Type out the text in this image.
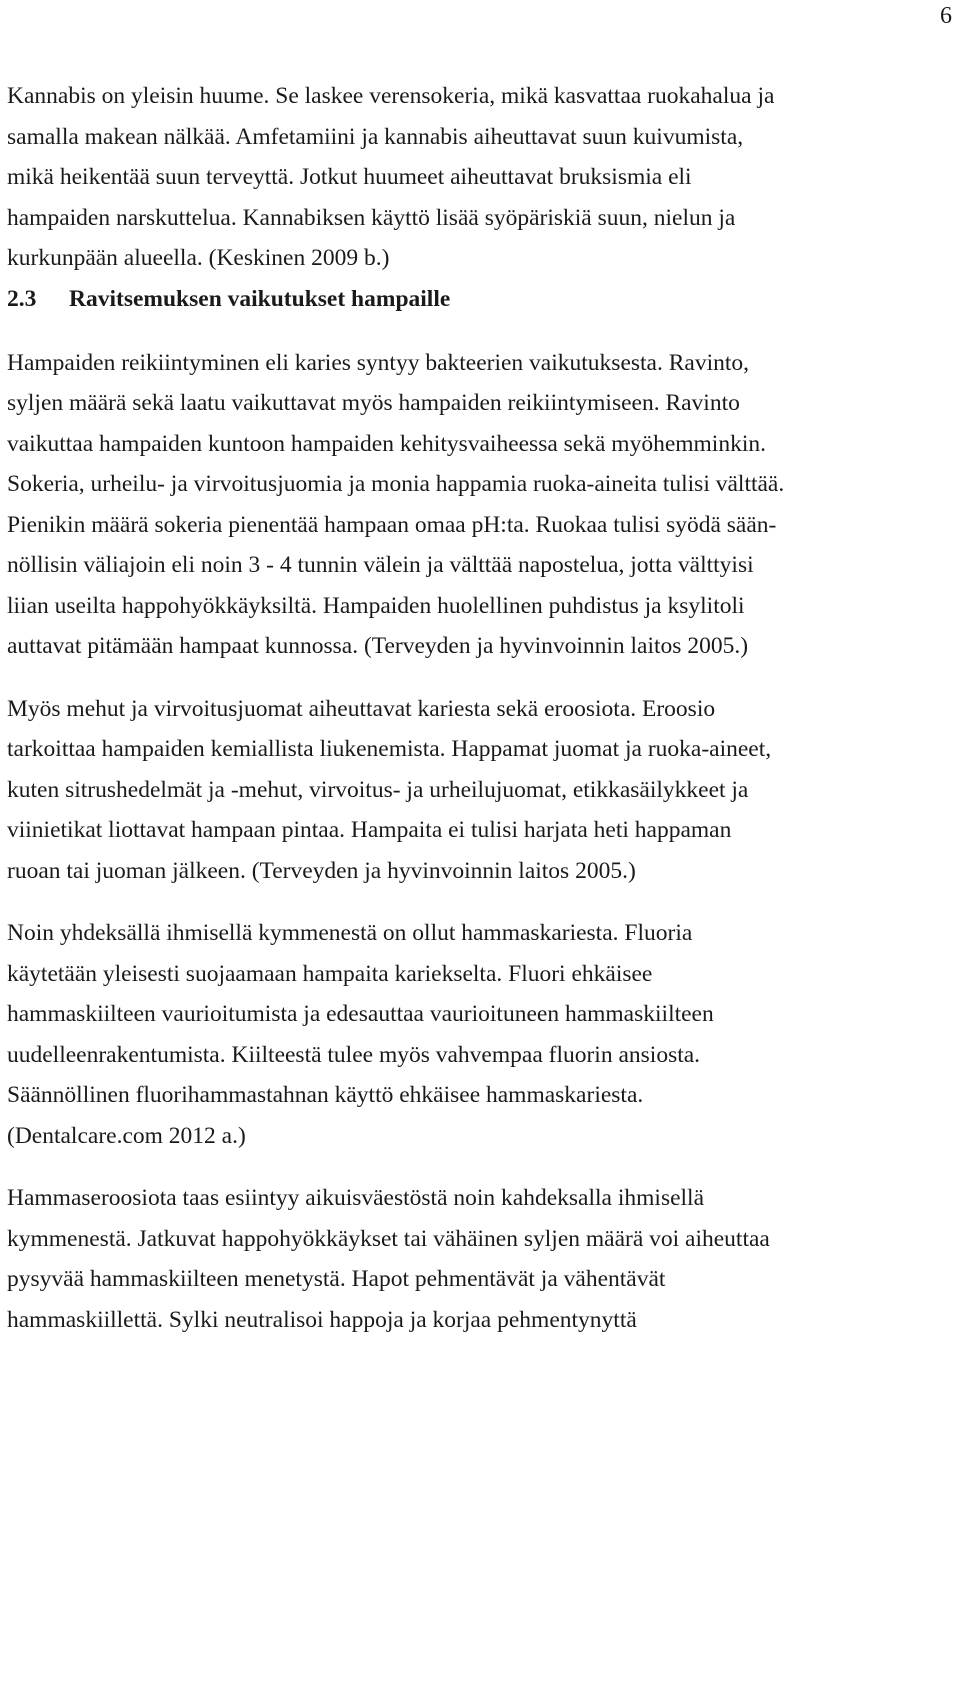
6

Kannabis on yleisin huume. Se laskee verensokeria, mikä kasvattaa ruokahalua ja
samalla makean nälkää. Amfetamiini ja kannabis aiheuttavat suun kuivumista,
mikä heikentää suun terveyttä. Jotkut huumeet aiheuttavat bruksismia eli
hampaiden narskuttelua. Kannabiksen käyttö lisää syöpäriskiä suun, nielun ja
kurkunpään alueella. (Keskinen 2009 b.)

2.3 Ravitsemuksen vaikutukset hampaille

Hampaiden reikiintyminen eli karies syntyy bakteerien vaikutuksesta. Ravinto,
syljen määrä sekä laatu vaikuttavat myös hampaiden reikiintymiseen. Ravinto
vaikuttaa hampaiden kuntoon hampaiden kehitysvaiheessa sekä myöhemminkin.
Sokeria, urheilu- ja virvoitusjuomia ja monia happamia ruoka-aineita tulisi välttää.
Pienikin määrä sokeria pienentää hampaan omaa pH:ta. Ruokaa tulisi syödä sään-
nöllisin väliajoin eli noin 3 - 4 tunnin välein ja välttää napostelua, jotta välttyisi
liian useilta happohyökkäyksiltä. Hampaiden huolellinen puhdistus ja ksylitoli
auttavat pitämään hampaat kunnossa. (Terveyden ja hyvinvoinnin laitos 2005.)

Myös mehut ja virvoitusjuomat aiheuttavat kariesta sekä eroosiota. Eroosio
tarkoittaa hampaiden kemiallista liukenemista. Happamat juomat ja ruoka-aineet,
kuten sitrushedelmät ja -mehut, virvoitus- ja urheilujuomat, etikkasäilykkeet ja
viinietikat liottavat hampaan pintaa. Hampaita ei tulisi harjata heti happaman
ruoan tai juoman jälkeen. (Terveyden ja hyvinvoinnin laitos 2005.)

Noin yhdeksällä ihmisellä kymmenestä on ollut hammaskariesta. Fluoria
käytetään yleisesti suojaamaan hampaita kariekselta. Fluori ehkäisee
hammaskiilteen vaurioitumista ja edesauttaa vaurioituneen hammaskiilteen
uudelleenrakentumista. Kiilteestä tulee myös vahvempaa fluorin ansiosta.
Säännöllinen fluorihammastahnan käyttö ehkäisee hammaskariesta.
(Dentalcare.com 2012 a.)

Hammaseroosiota taas esiintyy aikuisväestöstä noin kahdeksalla ihmisellä
kymmenestä. Jatkuvat happohyökkäykset tai vähäinen syljen määrä voi aiheuttaa
pysyvää hammaskiilteen menetystä. Hapot pehmentävät ja vähentävät
hammaskiillettä. Sylki neutralisoi happoja ja korjaa pehmentynyttä
